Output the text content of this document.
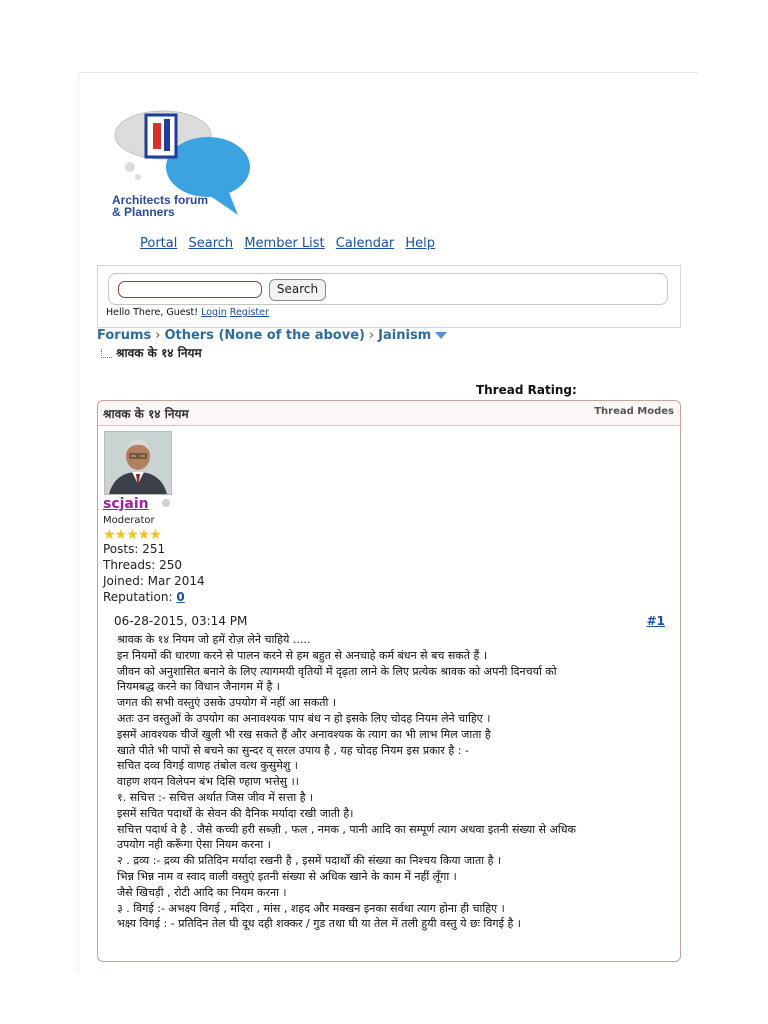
Architects forum
& Planners
Portal Search Member List Calendar Help
Search
Hello There, Guest! Login Register
Forums › Others (None of the above) › Jainism
श्रावक के १४ नियम
Thread Rating:
श्रावक के १४ नियम	Thread Modes
scjain
Moderator
★★★★★
Posts: 251
Threads: 250
Joined: Mar 2014
Reputation: 0
06-28-2015, 03:14 PM	#1
श्रावक के १४ नियम जो हमें रोज़ लेने चाहिये .....
इन नियमों की धारणा करने से पालन करने से हम बहुत से अनचाहे कर्म बंधन से बच सकते हैं ।
जीवन को अनुशासित बनाने के लिए त्यागमयी वृतियों में दृढ़ता लाने के लिए प्रत्येक श्रावक को अपनी दिनचर्या को
नियमबद्ध करने का विधान जैनागम में है ।
जगत की सभी वस्तुएं उसके उपयोग में नहीं आ सकती ।
अतः उन वस्तुओं के उपयोग का अनावश्यक पाप बंध न हो इसके लिए चोदह नियम लेने चाहिए ।
इसमें आवश्यक चीजें खुली भी रख सकते हैं और अनावश्यक के त्याग का भी लाभ मिल जाता है
खाते पीते भी पापों से बचने का सुन्दर व् सरल उपाय है , यह चोदह नियम इस प्रकार है : -
सचित दव्व विगई वाणह तंबोल वत्थ कुसुमेशु ।
वाहण शयन विलेपन बंभ दिसि ण्हाण भत्तेसु ।।
१. सचित्त :- सचित्त अर्थात जिस जीव में सत्ता है ।
इसमें सचित पदार्थों के सेवन की दैनिक मर्यादा रखी जाती है।
सचित्त पदार्थ वे है . जैसे कच्ची हरी सब्ज़ी , फल , नमक , पानी आदि का सम्पूर्ण त्याग अथवा इतनी संख्या से अधिक
उपयोग नही करूँगा ऐसा नियम करना ।
२ . द्रव्य :- द्रव्य की प्रतिदिन मर्यादा रखनी है , इसमें पदार्थों की संख्या का निश्चय किया जाता है ।
भिन्न भिन्न नाम व स्वाद वाली वस्तुएं इतनी संख्या से अधिक खाने के काम में नहीं लूँगा ।
जैसे खिचड़ी , रोटी आदि का नियम करना ।
३ . विगई :- अभक्ष्य विगई , मदिरा , मांस , शहद और मक्खन इनका सर्वथा त्याग होना ही चाहिए ।
भक्ष्य विगई : - प्रतिदिन तेल घी दूध दही शक्कर / गुड तथा घी या तेल में तली हुयी वस्तु ये छः विगई है ।
